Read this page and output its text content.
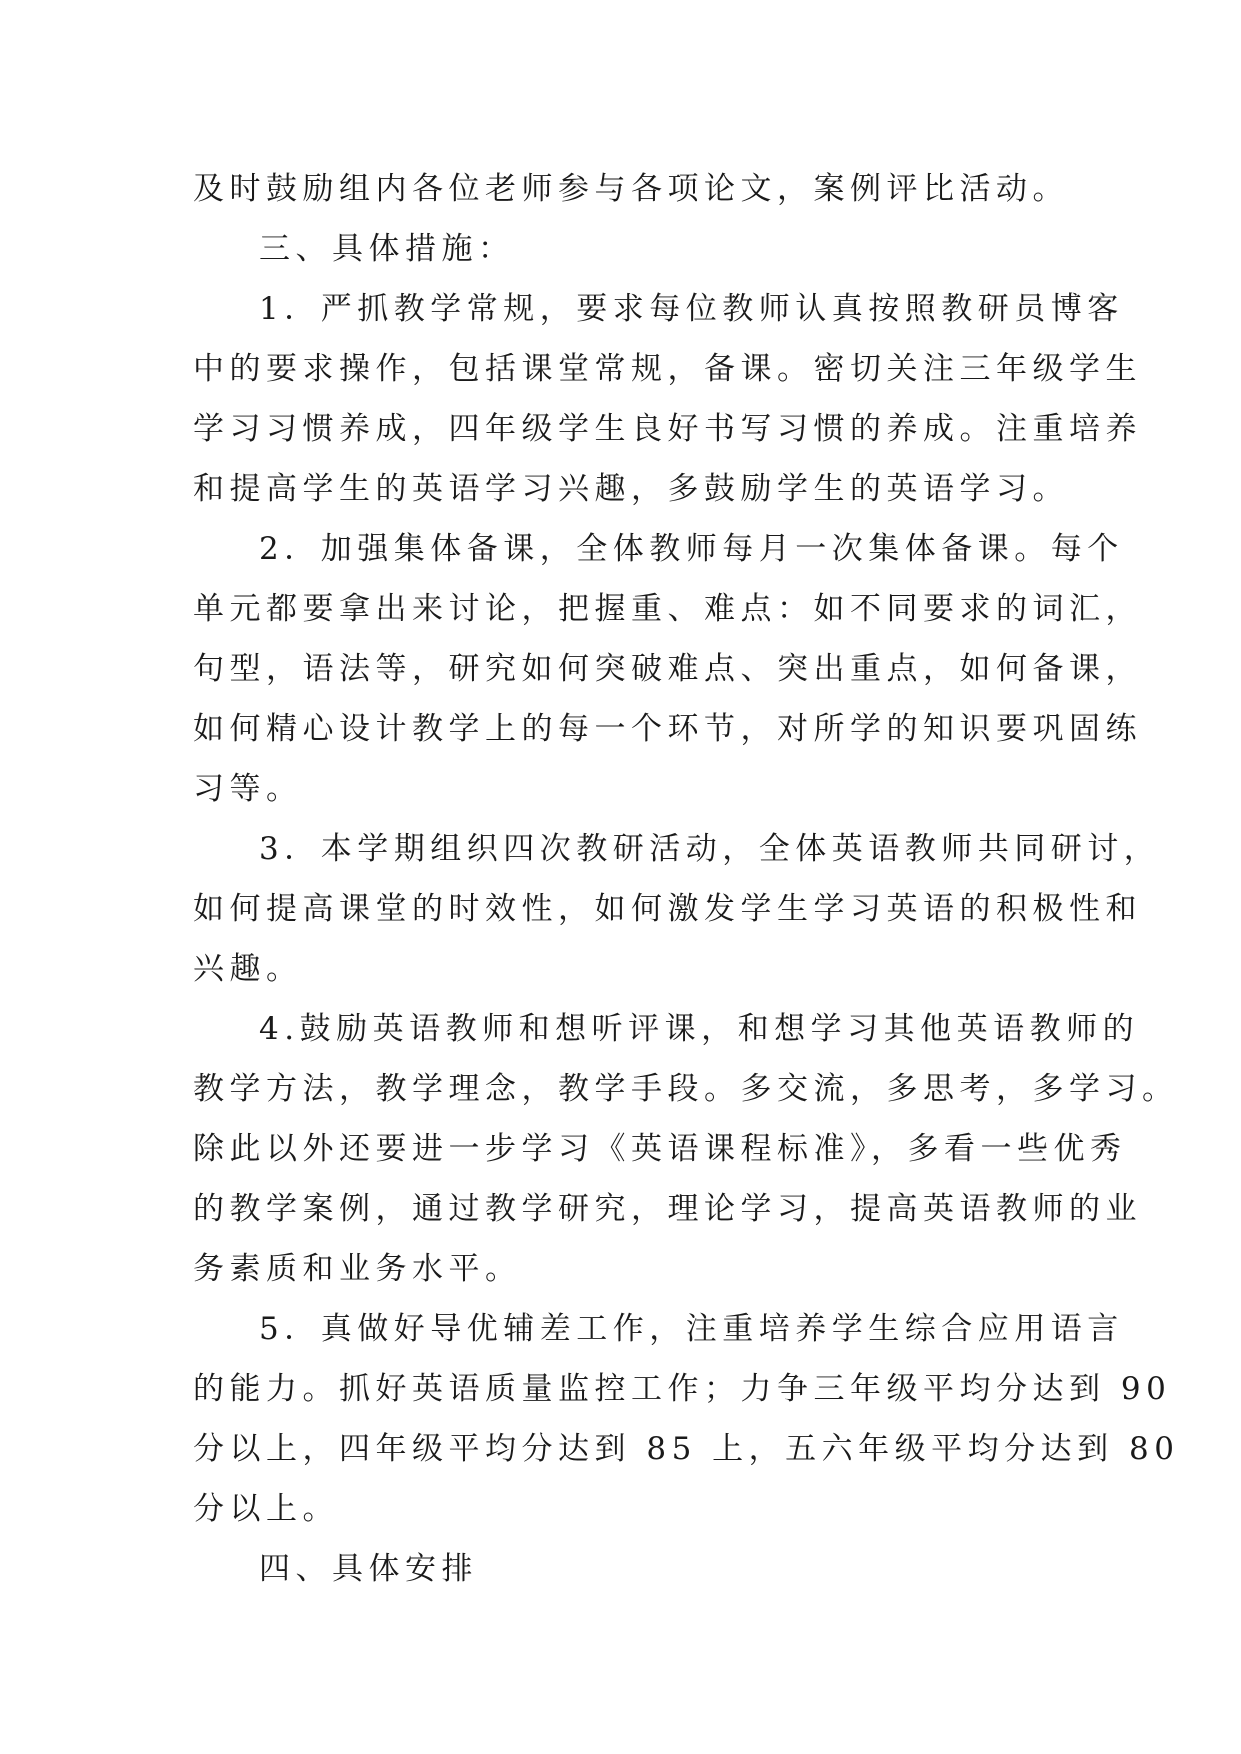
及时鼓励组内各位老师参与各项论文，案例评比活动。
三、具体措施：
1．严抓教学常规，要求每位教师认真按照教研员博客
中的要求操作，包括课堂常规，备课。密切关注三年级学生
学习习惯养成，四年级学生良好书写习惯的养成。注重培养
和提高学生的英语学习兴趣，多鼓励学生的英语学习。
2．加强集体备课，全体教师每月一次集体备课。每个
单元都要拿出来讨论，把握重、难点：如不同要求的词汇，
句型，语法等，研究如何突破难点、突出重点，如何备课，
如何精心设计教学上的每一个环节，对所学的知识要巩固练
习等。
3．本学期组织四次教研活动，全体英语教师共同研讨，
如何提高课堂的时效性，如何激发学生学习英语的积极性和
兴趣。
4.鼓励英语教师和想听评课，和想学习其他英语教师的
教学方法，教学理念，教学手段。多交流，多思考，多学习。
除此以外还要进一步学习《英语课程标准》，多看一些优秀
的教学案例，通过教学研究，理论学习，提高英语教师的业
务素质和业务水平。
5．真做好导优辅差工作，注重培养学生综合应用语言
的能力。抓好英语质量监控工作；力争三年级平均分达到 90
分以上，四年级平均分达到 85 上，五六年级平均分达到 80
分以上。
四、具体安排
